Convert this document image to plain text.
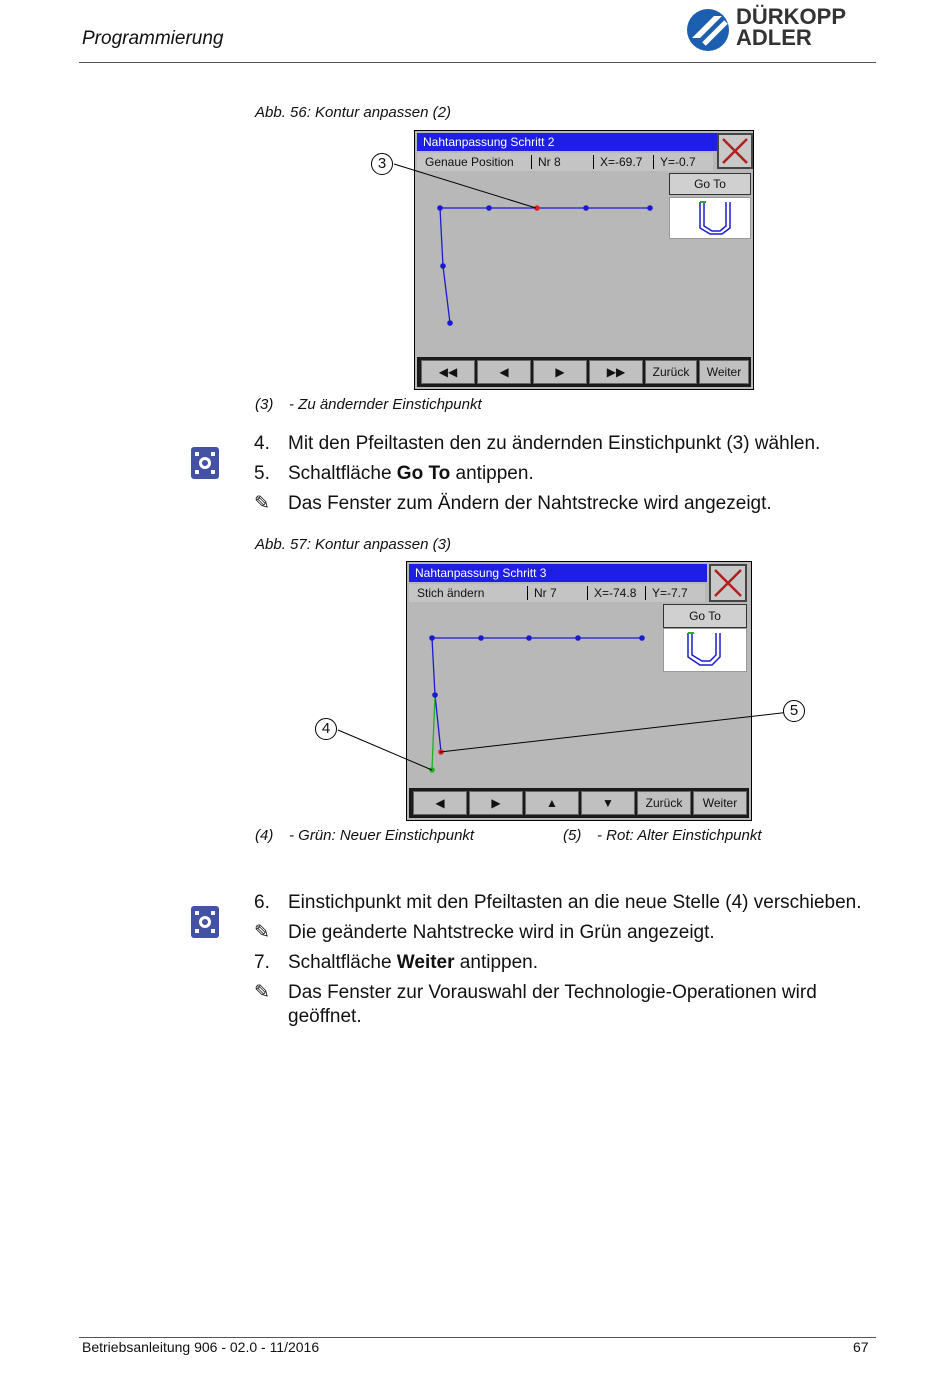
Programmierung
DÜRKOPP
ADLER
Abb. 56: Kontur anpassen (2)
Nahtanpassung Schritt 2
Genaue Position	Nr 8	X=-69.7	Y=-0.7
Go To
◀◀	◀	▶	▶▶	Zurück	Weiter
3
(3) - Zu ändernder Einstichpunkt
4. Mit den Pfeiltasten den zu ändernden Einstichpunkt (3) wählen.
5. Schaltfläche Go To antippen.
✎ Das Fenster zum Ändern der Nahtstrecke wird angezeigt.
Abb. 57: Kontur anpassen (3)
Nahtanpassung Schritt 3
Stich ändern	Nr 7	X=-74.8	Y=-7.7
Go To
◀	▶	▲	▼	Zurück	Weiter
4
5
(4) - Grün: Neuer Einstichpunkt	(5) - Rot: Alter Einstichpunkt
6. Einstichpunkt mit den Pfeiltasten an die neue Stelle (4) verschieben.
✎ Die geänderte Nahtstrecke wird in Grün angezeigt.
7. Schaltfläche Weiter antippen.
✎ Das Fenster zur Vorauswahl der Technologie-Operationen wird geöffnet.
Betriebsanleitung 906 - 02.0 - 11/2016	67
